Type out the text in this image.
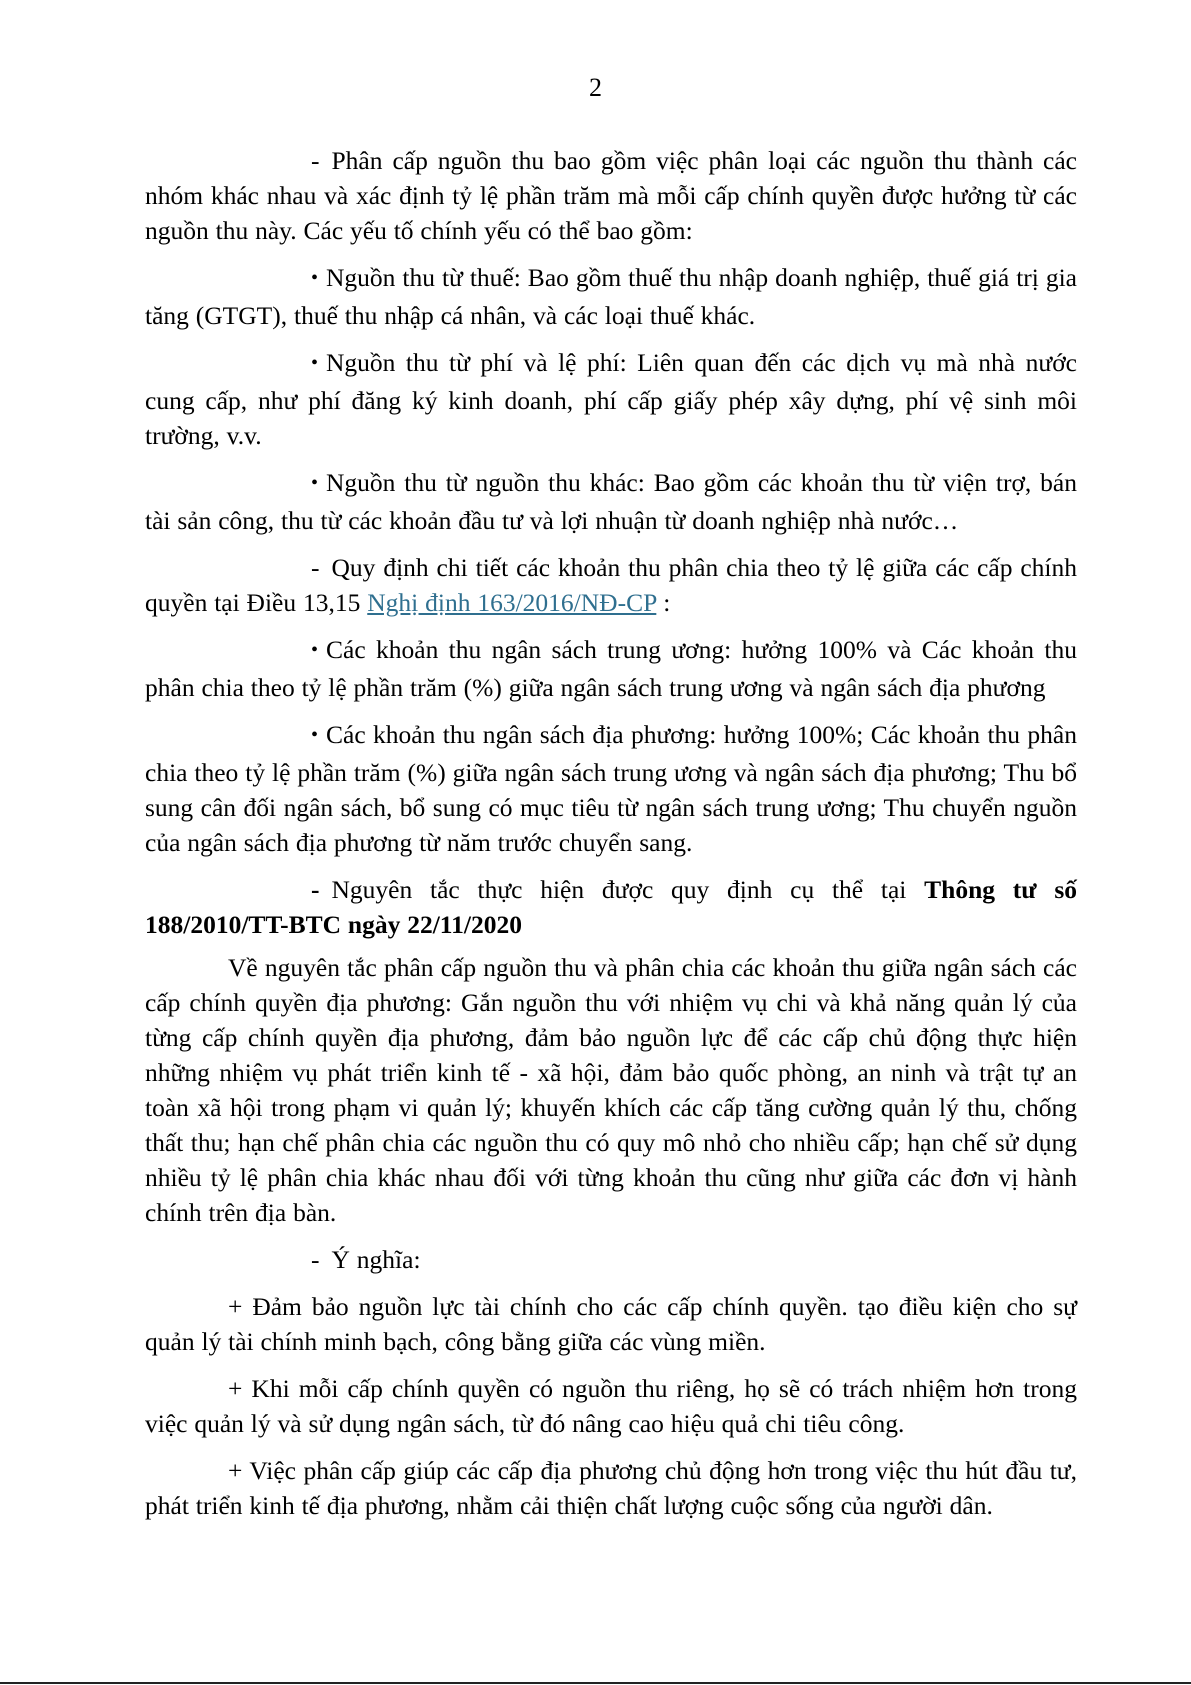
2

- Phân cấp nguồn thu bao gồm việc phân loại các nguồn thu thành các nhóm khác nhau và xác định tỷ lệ phần trăm mà mỗi cấp chính quyền được hưởng từ các nguồn thu này. Các yếu tố chính yếu có thể bao gồm:

• Nguồn thu từ thuế: Bao gồm thuế thu nhập doanh nghiệp, thuế giá trị gia tăng (GTGT), thuế thu nhập cá nhân, và các loại thuế khác.

• Nguồn thu từ phí và lệ phí: Liên quan đến các dịch vụ mà nhà nước cung cấp, như phí đăng ký kinh doanh, phí cấp giấy phép xây dựng, phí vệ sinh môi trường, v.v.

• Nguồn thu từ nguồn thu khác: Bao gồm các khoản thu từ viện trợ, bán tài sản công, thu từ các khoản đầu tư và lợi nhuận từ doanh nghiệp nhà nước…

- Quy định chi tiết các khoản thu phân chia theo tỷ lệ giữa các cấp chính quyền tại Điều 13,15 Nghị định 163/2016/NĐ-CP :

• Các khoản thu ngân sách trung ương: hưởng 100% và Các khoản thu phân chia theo tỷ lệ phần trăm (%) giữa ngân sách trung ương và ngân sách địa phương

• Các khoản thu ngân sách địa phương: hưởng 100%; Các khoản thu phân chia theo tỷ lệ phần trăm (%) giữa ngân sách trung ương và ngân sách địa phương; Thu bổ sung cân đối ngân sách, bổ sung có mục tiêu từ ngân sách trung ương; Thu chuyển nguồn của ngân sách địa phương từ năm trước chuyển sang.

- Nguyên tắc thực hiện được quy định cụ thể tại Thông tư số 188/2010/TT-BTC ngày 22/11/2020

Về nguyên tắc phân cấp nguồn thu và phân chia các khoản thu giữa ngân sách các cấp chính quyền địa phương: Gắn nguồn thu với nhiệm vụ chi và khả năng quản lý của từng cấp chính quyền địa phương, đảm bảo nguồn lực để các cấp chủ động thực hiện những nhiệm vụ phát triển kinh tế - xã hội, đảm bảo quốc phòng, an ninh và trật tự an toàn xã hội trong phạm vi quản lý; khuyến khích các cấp tăng cường quản lý thu, chống thất thu; hạn chế phân chia các nguồn thu có quy mô nhỏ cho nhiều cấp; hạn chế sử dụng nhiều tỷ lệ phân chia khác nhau đối với từng khoản thu cũng như giữa các đơn vị hành chính trên địa bàn.

- Ý nghĩa:

+ Đảm bảo nguồn lực tài chính cho các cấp chính quyền. tạo điều kiện cho sự quản lý tài chính minh bạch, công bằng giữa các vùng miền.

+ Khi mỗi cấp chính quyền có nguồn thu riêng, họ sẽ có trách nhiệm hơn trong việc quản lý và sử dụng ngân sách, từ đó nâng cao hiệu quả chi tiêu công.

+ Việc phân cấp giúp các cấp địa phương chủ động hơn trong việc thu hút đầu tư, phát triển kinh tế địa phương, nhằm cải thiện chất lượng cuộc sống của người dân.
